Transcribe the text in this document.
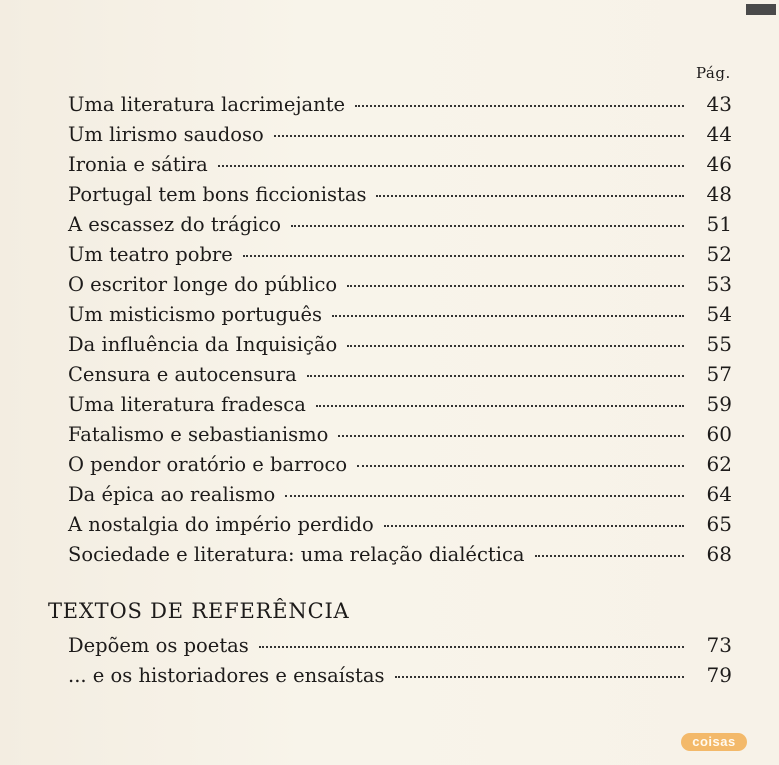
Pág.
Uma literatura lacrimejante	43
Um lirismo saudoso	44
Ironia e sátira	46
Portugal tem bons ficcionistas	48
A escassez do trágico	51
Um teatro pobre	52
O escritor longe do público	53
Um misticismo português	54
Da influência da Inquisição	55
Censura e autocensura	57
Uma literatura fradesca	59
Fatalismo e sebastianismo	60
O pendor oratório e barroco	62
Da épica ao realismo	64
A nostalgia do império perdido	65
Sociedade e literatura: uma relação dialéctica	68
TEXTOS DE REFERÊNCIA
Depõem os poetas	73
... e os historiadores e ensaístas	79
coisas
